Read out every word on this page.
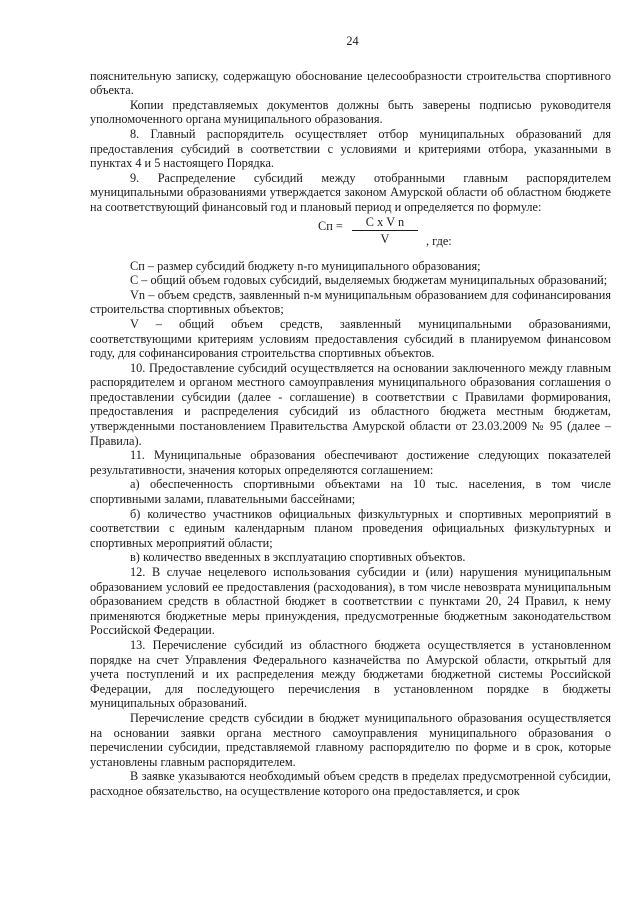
24

пояснительную записку, содержащую обоснование целесообразности строительства спортивного объекта.

Копии представляемых документов должны быть заверены подписью руководителя уполномоченного органа муниципального образования.

8. Главный распорядитель осуществляет отбор муниципальных образований для предоставления субсидий в соответствии с условиями и критериями отбора, указанными в пунктах 4 и 5 настоящего Порядка.

9. Распределение субсидий между отобранными главным распорядителем муниципальными образованиями утверждается законом Амурской области об областном бюджете на соответствующий финансовый год и плановый период и определяется по формуле:

Сп =	С х V n
V	, где:

Сп – размер субсидий бюджету n-го муниципального образования;

С – общий объем годовых субсидий, выделяемых бюджетам муниципальных образований;

Vn – объем средств, заявленный n-м муниципальным образованием для софинансирования строительства спортивных объектов;

V – общий объем средств, заявленный муниципальными образованиями, соответствующими критериям условиям предоставления субсидий в планируемом финансовом году, для софинансирования строительства спортивных объектов.

10. Предоставление субсидий осуществляется на основании заключенного между главным распорядителем и органом местного самоуправления муниципального образования соглашения о предоставлении субсидии (далее - соглашение) в соответствии с Правилами формирования, предоставления и распределения субсидий из областного бюджета местным бюджетам, утвержденными постановлением Правительства Амурской области от 23.03.2009 № 95 (далее – Правила).

11. Муниципальные образования обеспечивают достижение следующих показателей результативности, значения которых определяются соглашением:

а) обеспеченность спортивными объектами на 10 тыс. населения, в том числе спортивными залами, плавательными бассейнами;

б) количество участников официальных физкультурных и спортивных мероприятий в соответствии с единым календарным планом проведения официальных физкультурных и спортивных мероприятий области;

в) количество введенных в эксплуатацию спортивных объектов.

12. В случае нецелевого использования субсидии и (или) нарушения муниципальным образованием условий ее предоставления (расходования), в том числе невозврата муниципальным образованием средств в областной бюджет в соответствии с пунктами 20, 24 Правил, к нему применяются бюджетные меры принуждения, предусмотренные бюджетным законодательством Российской Федерации.

13. Перечисление субсидий из областного бюджета осуществляется в установленном порядке на счет Управления Федерального казначейства по Амурской области, открытый для учета поступлений и их распределения между бюджетами бюджетной системы Российской Федерации, для последующего перечисления в установленном порядке в бюджеты муниципальных образований.

Перечисление средств субсидии в бюджет муниципального образования осуществляется на основании заявки органа местного самоуправления муниципального образования о перечислении субсидии, представляемой главному распорядителю по форме и в срок, которые установлены главным распорядителем.

В заявке указываются необходимый объем средств в пределах предусмотренной субсидии, расходное обязательство, на осуществление которого она предоставляется, и срок
